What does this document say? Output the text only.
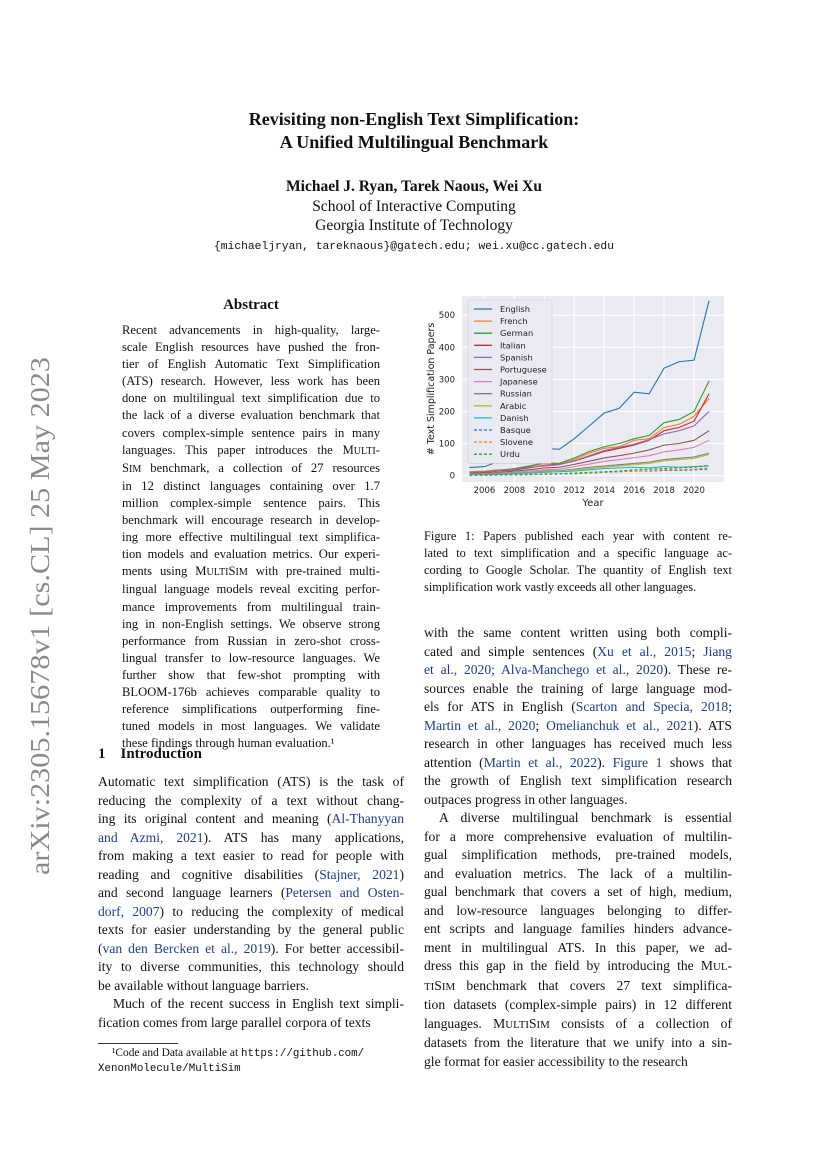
arXiv:2305.15678v1 [cs.CL] 25 May 2023
Revisiting non-English Text Simplification:
A Unified Multilingual Benchmark
Michael J. Ryan, Tarek Naous, Wei Xu
School of Interactive Computing
Georgia Institute of Technology
{michaeljryan, tareknaous}@gatech.edu; wei.xu@cc.gatech.edu
Abstract
Recent advancements in high-quality, large-
scale English resources have pushed the fron-
tier of English Automatic Text Simplification
(ATS) research. However, less work has been
done on multilingual text simplification due to
the lack of a diverse evaluation benchmark that
covers complex-simple sentence pairs in many
languages. This paper introduces the MULTI-
SIM benchmark, a collection of 27 resources
in 12 distinct languages containing over 1.7
million complex-simple sentence pairs. This
benchmark will encourage research in develop-
ing more effective multilingual text simplifica-
tion models and evaluation metrics. Our experi-
ments using MULTISIM with pre-trained multi-
lingual language models reveal exciting perfor-
mance improvements from multilingual train-
ing in non-English settings. We observe strong
performance from Russian in zero-shot cross-
lingual transfer to low-resource languages. We
further show that few-shot prompting with
BLOOM-176b achieves comparable quality to
reference simplifications outperforming fine-
tuned models in most languages. We validate
these findings through human evaluation.¹
1 Introduction
Automatic text simplification (ATS) is the task of
reducing the complexity of a text without chang-
ing its original content and meaning (Al-Thanyyan
and Azmi, 2021). ATS has many applications,
from making a text easier to read for people with
reading and cognitive disabilities (Stajner, 2021)
and second language learners (Petersen and Osten-
dorf, 2007) to reducing the complexity of medical
texts for easier understanding by the general public
(van den Bercken et al., 2019). For better accessibil-
ity to diverse communities, this technology should
be available without language barriers.
Much of the recent success in English text simpli-
fication comes from large parallel corpora of texts
¹Code and Data available at https://github.com/
XenonMolecule/MultiSim
0
100
200
300
400
500
2006 2008 2010 2012 2014 2016 2018 2020
English
French
German
Italian
Spanish
Portuguese
Japanese
Russian
Arabic
Danish
Basque
Slovene
Urdu
Year
# Text Simplification Papers
Figure 1: Papers published each year with content re-
lated to text simplification and a specific language ac-
cording to Google Scholar. The quantity of English text
simplification work vastly exceeds all other languages.
with the same content written using both compli-
cated and simple sentences (Xu et al., 2015; Jiang
et al., 2020; Alva-Manchego et al., 2020). These re-
sources enable the training of large language mod-
els for ATS in English (Scarton and Specia, 2018;
Martin et al., 2020; Omelianchuk et al., 2021). ATS
research in other languages has received much less
attention (Martin et al., 2022). Figure 1 shows that
the growth of English text simplification research
outpaces progress in other languages.
A diverse multilingual benchmark is essential
for a more comprehensive evaluation of multilin-
gual simplification methods, pre-trained models,
and evaluation metrics. The lack of a multilin-
gual benchmark that covers a set of high, medium,
and low-resource languages belonging to differ-
ent scripts and language families hinders advance-
ment in multilingual ATS. In this paper, we ad-
dress this gap in the field by introducing the MUL-
TISIM benchmark that covers 27 text simplifica-
tion datasets (complex-simple pairs) in 12 different
languages. MULTISIM consists of a collection of
datasets from the literature that we unify into a sin-
gle format for easier accessibility to the research
